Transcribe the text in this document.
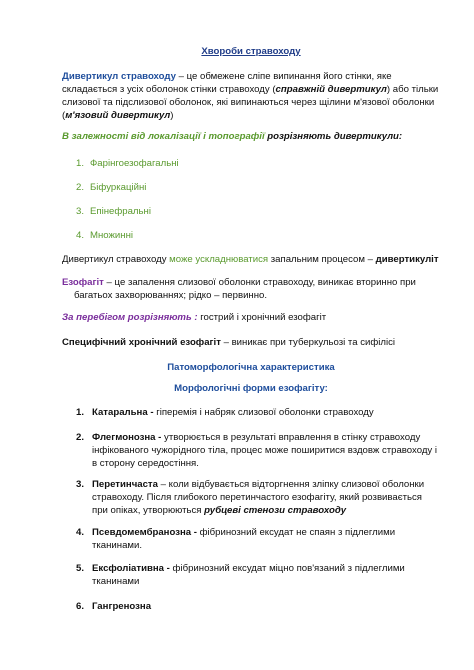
Хвороби стравоходу

Дивертикул стравоходу – це обмежене сліпе випинання його стінки, яке складається з усіх оболонок стінки стравоходу (справжній дивертикул) або тільки слизової та підслизової оболонок, які випинаються через щілини м'язової оболонки (м'язовий дивертикул)

В залежності від локалізації і топографії розрізняють дивертикули:

1. Фарінгоезофагальні
2. Біфуркаційні
3. Епінефральні
4. Множинні

Дивертикул стравоходу може ускладнюватися запальним процесом – дивертикуліт

Езофагіт – це запалення слизової оболонки стравоходу, виникає вторинно при багатьох захворюваннях; рідко – первинно.

За перебігом розрізняють : гострий і хронічний езофагіт

Специфічний хронічний езофагіт – виникає при туберкульозі та сифілісі

Патоморфологічна характеристика

Морфологічні форми езофагіту:

1. Катаральна - гіперемія і набряк слизової оболонки стравоходу
2. Флегмонозна - утворюється в результаті вправлення в стінку стравоходу інфікованого чужорідного тіла, процес може поширитися вздовж стравоходу і в сторону середостіння.
3. Перетинчаста – коли відбувається відторгнення зліпку слизової оболонки стравоходу. Після глибокого перетинчастого езофагіту, який розвивається при опіках, утворюються рубцеві стенози стравоходу
4. Псевдомембранозна - фібринозний ексудат не спаян з підлеглими тканинами.
5. Ексфоліативна - фібринозний ексудат міцно пов'язаний з підлеглими тканинами
6. Гангренозна
